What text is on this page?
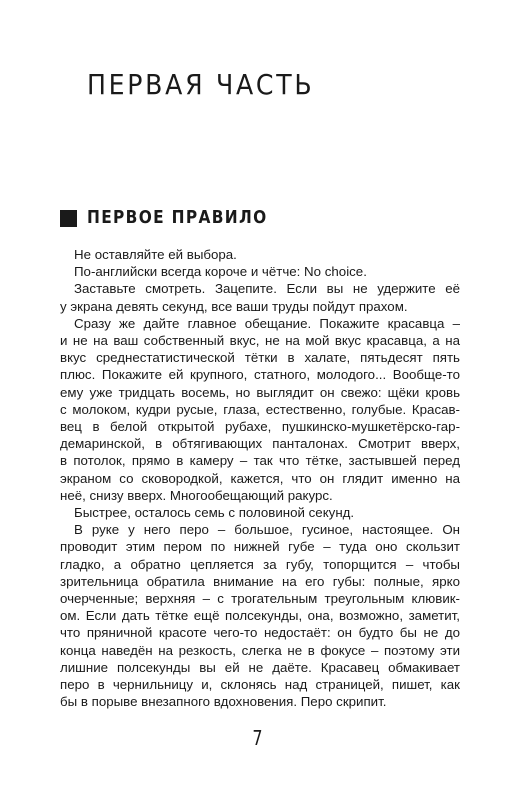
ПЕРВАЯ ЧАСТЬ
ПЕРВОЕ ПРАВИЛО
Не оставляйте ей выбора.
По-английски всегда короче и чётче: No choice.
Заставьте смотреть. Зацепите. Если вы не удержите её
у экрана девять секунд, все ваши труды пойдут прахом.
Сразу же дайте главное обещание. Покажите красавца –
и не на ваш собственный вкус, не на мой вкус красавца, а на
вкус среднестатистической тётки в халате, пятьдесят пять
плюс. Покажите ей крупного, статного, молодого... Вообще-то
ему уже тридцать восемь, но выглядит он свежо: щёки кровь
с молоком, кудри русые, глаза, естественно, голубые. Красав-
вец в белой открытой рубахе, пушкинско-мушкетёрско-гар-
демаринской, в обтягивающих панталонах. Смотрит вверх,
в потолок, прямо в камеру – так что тётке, застывшей перед
экраном со сковородкой, кажется, что он глядит именно на
неё, снизу вверх. Многообещающий ракурс.
Быстрее, осталось семь с половиной секунд.
В руке у него перо – большое, гусиное, настоящее. Он
проводит этим пером по нижней губе – туда оно скользит
гладко, а обратно цепляется за губу, топорщится – чтобы
зрительница обратила внимание на его губы: полные, ярко
очерченные; верхняя – с трогательным треугольным клювик-
ом. Если дать тётке ещё полсекунды, она, возможно, заметит,
что пряничной красоте чего-то недостаёт: он будто бы не до
конца наведён на резкость, слегка не в фокусе – поэтому эти
лишние полсекунды вы ей не даёте. Красавец обмакивает
перо в чернильницу и, склонясь над страницей, пишет, как
бы в порыве внезапного вдохновения. Перо скрипит.
7
